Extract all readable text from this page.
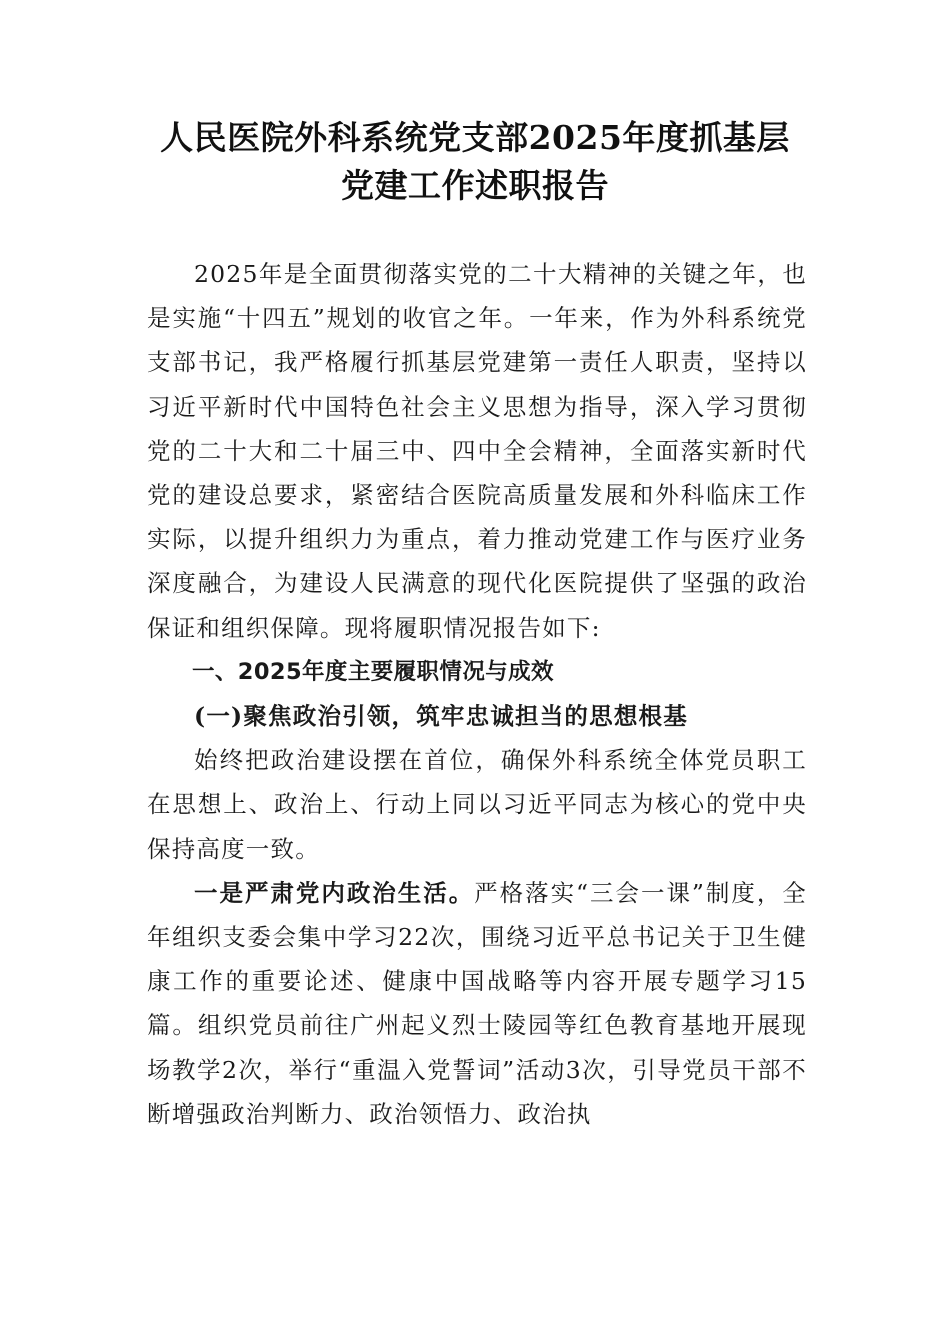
人民医院外科系统党支部2025年度抓基层
党建工作述职报告

2025年是全面贯彻落实党的二十大精神的关键之年，也是实施“十四五”规划的收官之年。一年来，作为外科系统党支部书记，我严格履行抓基层党建第一责任人职责，坚持以习近平新时代中国特色社会主义思想为指导，深入学习贯彻党的二十大和二十届三中、四中全会精神，全面落实新时代党的建设总要求，紧密结合医院高质量发展和外科临床工作实际，以提升组织力为重点，着力推动党建工作与医疗业务深度融合，为建设人民满意的现代化医院提供了坚强的政治保证和组织保障。现将履职情况报告如下:

一、2025年度主要履职情况与成效

(一)聚焦政治引领，筑牢忠诚担当的思想根基

始终把政治建设摆在首位，确保外科系统全体党员职工在思想上、政治上、行动上同以习近平同志为核心的党中央保持高度一致。

一是严肃党内政治生活。严格落实“三会一课”制度，全年组织支委会集中学习22次，围绕习近平总书记关于卫生健康工作的重要论述、健康中国战略等内容开展专题学习15篇。组织党员前往广州起义烈士陵园等红色教育基地开展现场教学2次，举行“重温入党誓词”活动3次，引导党员干部不断增强政治判断力、政治领悟力、政治执
